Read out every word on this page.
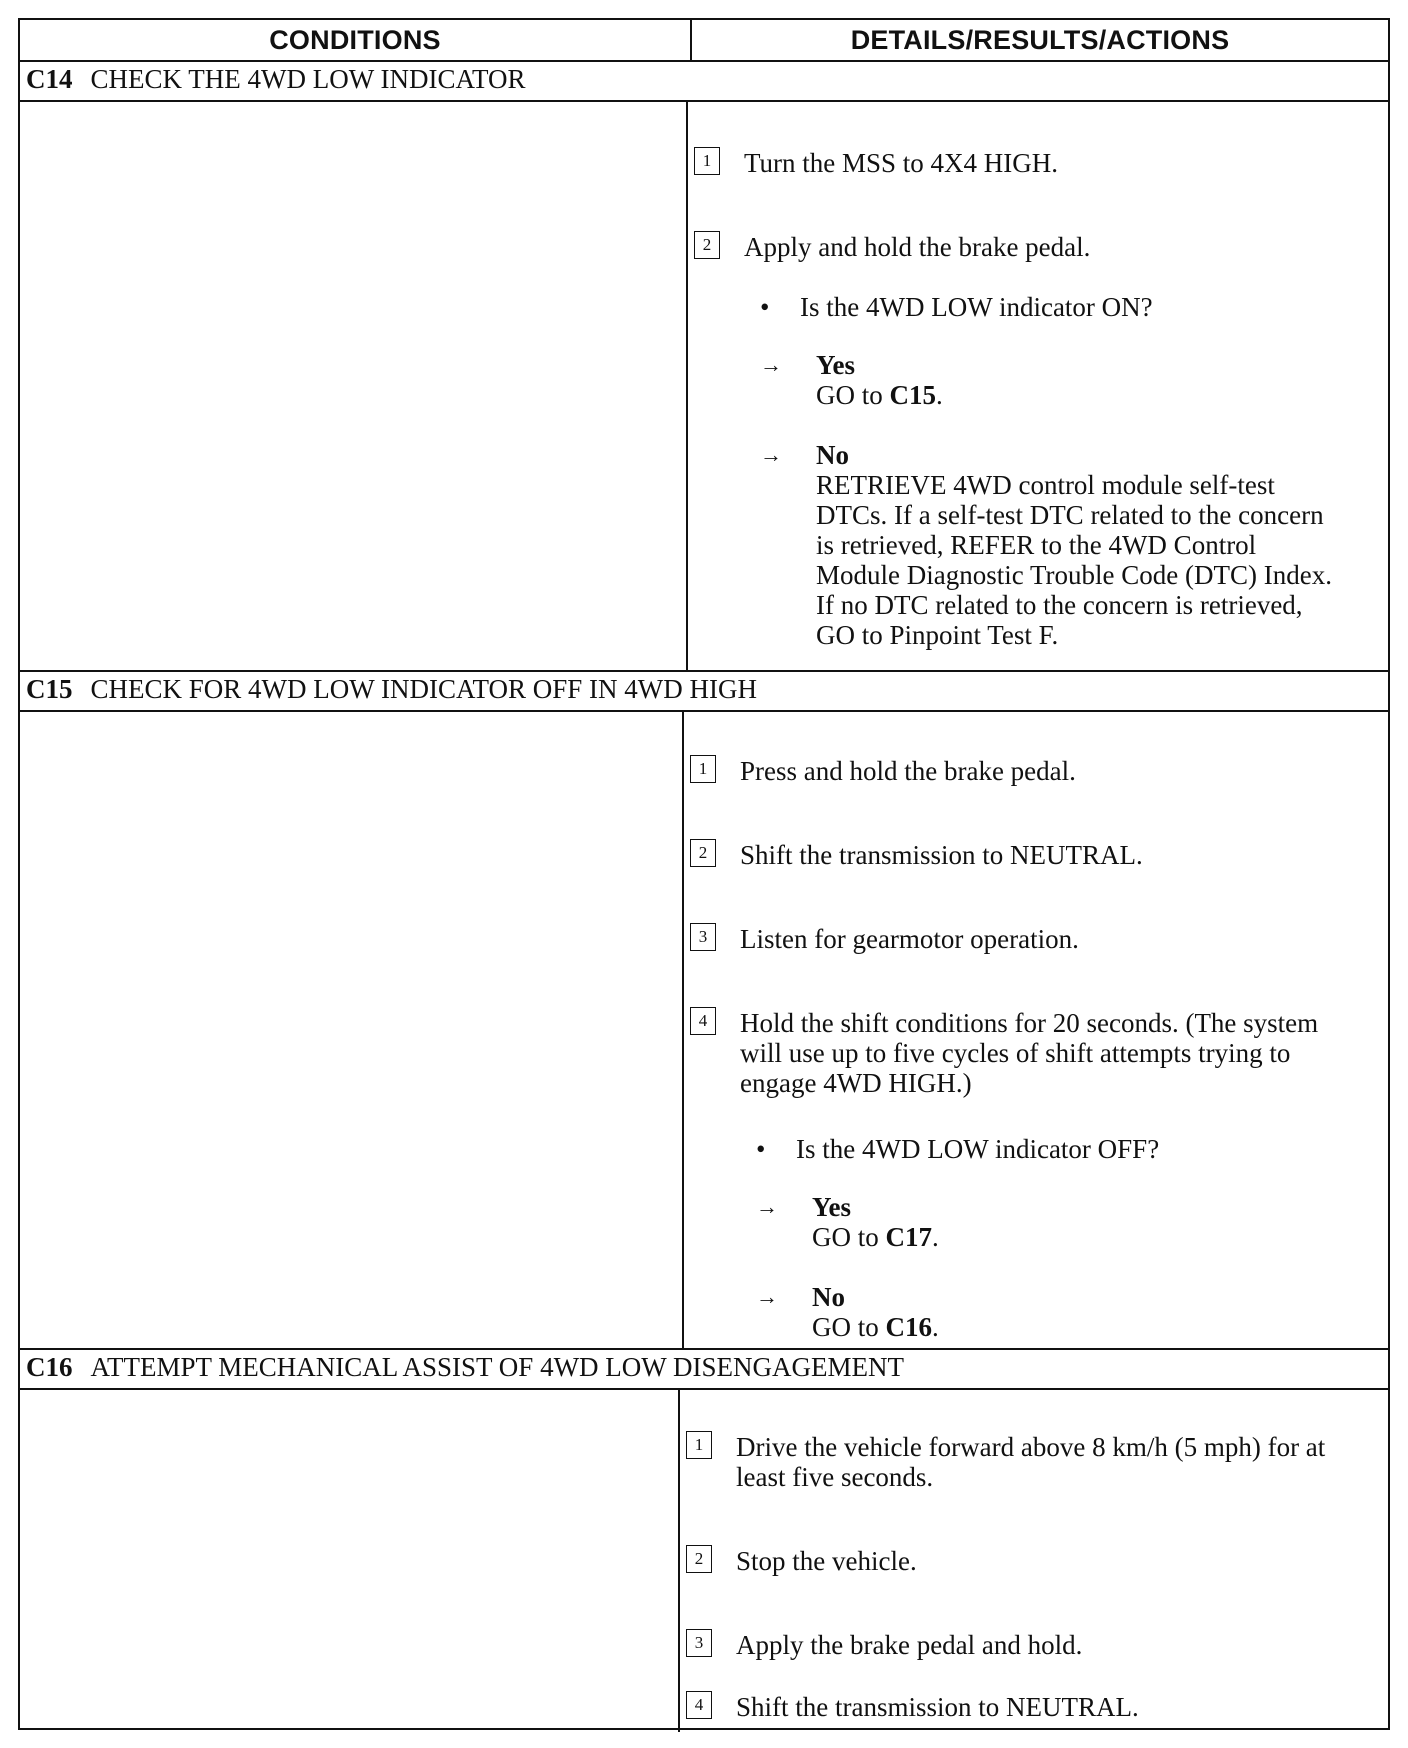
CONDITIONS	DETAILS/RESULTS/ACTIONS
C14 CHECK THE 4WD LOW INDICATOR
1	Turn the MSS to 4X4 HIGH.
2	Apply and hold the brake pedal.
•	Is the 4WD LOW indicator ON?
→	Yes
GO to C15.
→	No
RETRIEVE 4WD control module self-test DTCs. If a self-test DTC related to the concern is retrieved, REFER to the 4WD Control Module Diagnostic Trouble Code (DTC) Index. If no DTC related to the concern is retrieved, GO to Pinpoint Test F.
C15 CHECK FOR 4WD LOW INDICATOR OFF IN 4WD HIGH
1	Press and hold the brake pedal.
2	Shift the transmission to NEUTRAL.
3	Listen for gearmotor operation.
4	Hold the shift conditions for 20 seconds. (The system will use up to five cycles of shift attempts trying to engage 4WD HIGH.)
•	Is the 4WD LOW indicator OFF?
→	Yes
GO to C17.
→	No
GO to C16.
C16 ATTEMPT MECHANICAL ASSIST OF 4WD LOW DISENGAGEMENT
1	Drive the vehicle forward above 8 km/h (5 mph) for at least five seconds.
2	Stop the vehicle.
3	Apply the brake pedal and hold.
4	Shift the transmission to NEUTRAL.
